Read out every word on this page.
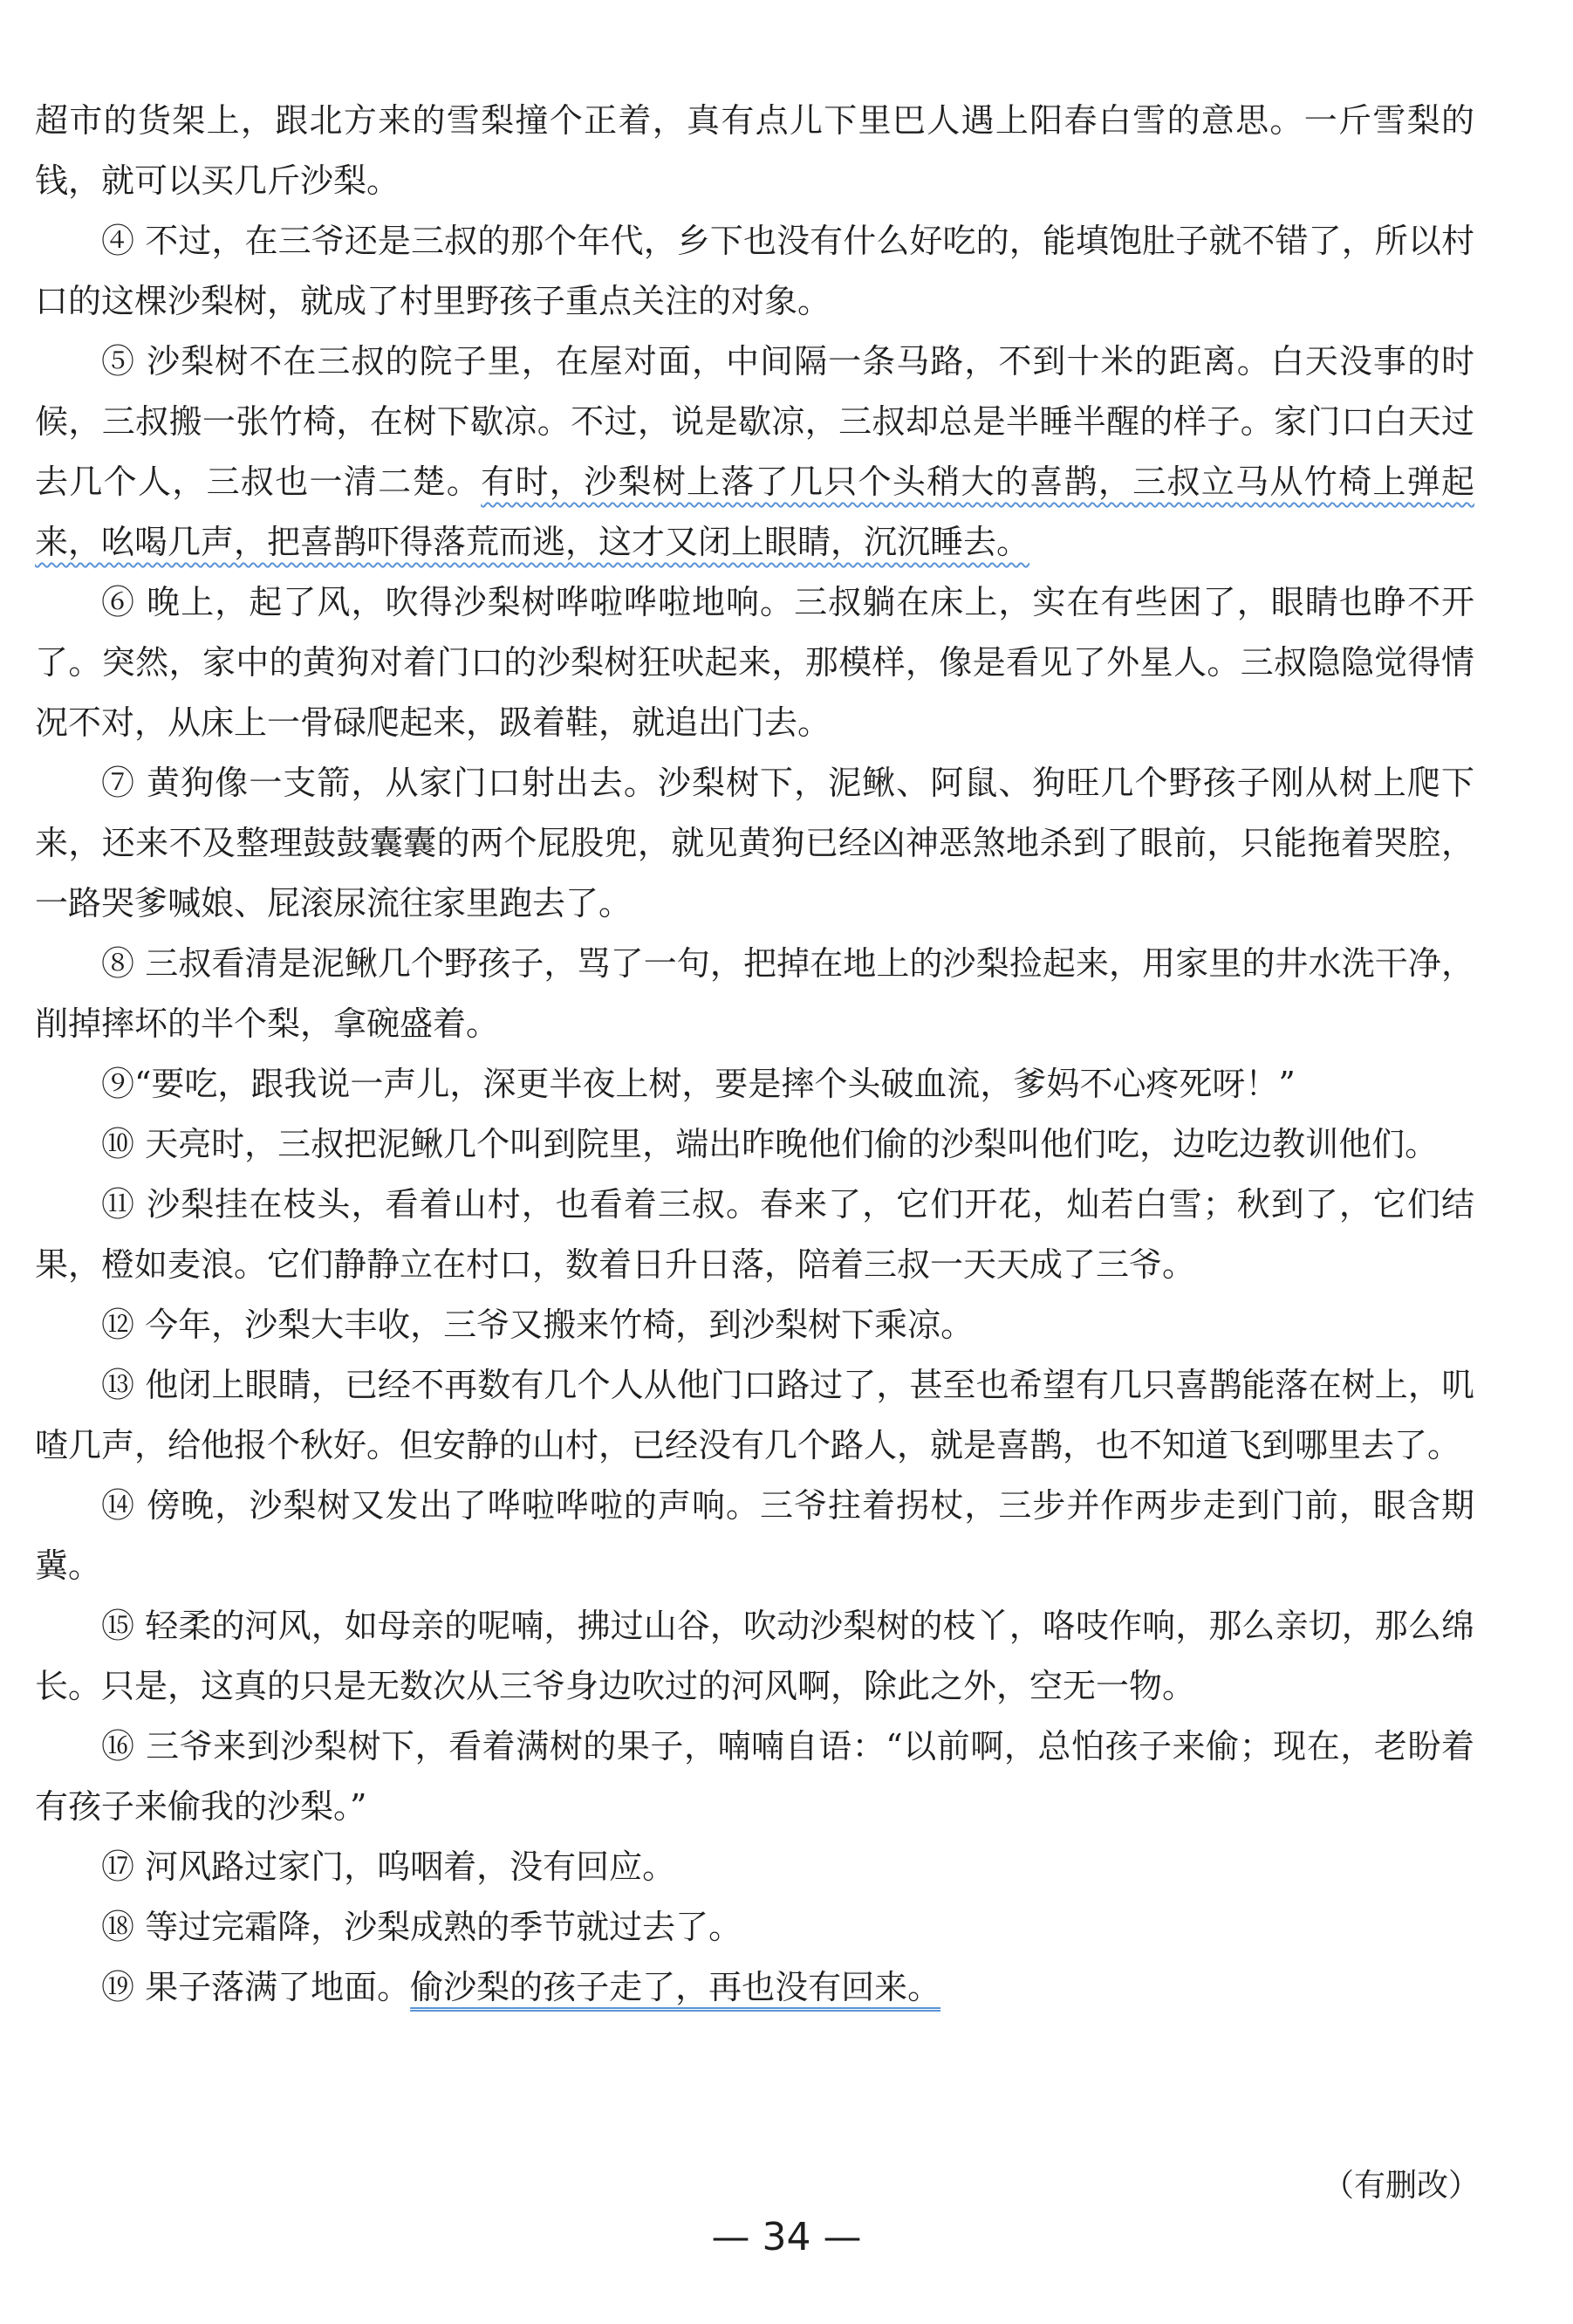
超市的货架上，跟北方来的雪梨撞个正着，真有点儿下里巴人遇上阳春白雪的意思。一斤雪梨的钱，就可以买几斤沙梨。

④ 不过，在三爷还是三叔的那个年代，乡下也没有什么好吃的，能填饱肚子就不错了，所以村口的这棵沙梨树，就成了村里野孩子重点关注的对象。

⑤ 沙梨树不在三叔的院子里，在屋对面，中间隔一条马路，不到十米的距离。白天没事的时候，三叔搬一张竹椅，在树下歇凉。不过，说是歇凉，三叔却总是半睡半醒的样子。家门口白天过去几个人，三叔也一清二楚。有时，沙梨树上落了几只个头稍大的喜鹊，三叔立马从竹椅上弹起来，吆喝几声，把喜鹊吓得落荒而逃，这才又闭上眼睛，沉沉睡去。

⑥ 晚上，起了风，吹得沙梨树哗啦哗啦地响。三叔躺在床上，实在有些困了，眼睛也睁不开了。突然，家中的黄狗对着门口的沙梨树狂吠起来，那模样，像是看见了外星人。三叔隐隐觉得情况不对，从床上一骨碌爬起来，趿着鞋，就追出门去。

⑦ 黄狗像一支箭，从家门口射出去。沙梨树下，泥鳅、阿鼠、狗旺几个野孩子刚从树上爬下来，还来不及整理鼓鼓囊囊的两个屁股兜，就见黄狗已经凶神恶煞地杀到了眼前，只能拖着哭腔，一路哭爹喊娘、屁滚尿流往家里跑去了。

⑧ 三叔看清是泥鳅几个野孩子，骂了一句，把掉在地上的沙梨捡起来，用家里的井水洗干净，削掉摔坏的半个梨，拿碗盛着。

⑨“要吃，跟我说一声儿，深更半夜上树，要是摔个头破血流，爹妈不心疼死呀！”

⑩ 天亮时，三叔把泥鳅几个叫到院里，端出昨晚他们偷的沙梨叫他们吃，边吃边教训他们。

⑪ 沙梨挂在枝头，看着山村，也看着三叔。春来了，它们开花，灿若白雪；秋到了，它们结果，橙如麦浪。它们静静立在村口，数着日升日落，陪着三叔一天天成了三爷。

⑫ 今年，沙梨大丰收，三爷又搬来竹椅，到沙梨树下乘凉。

⑬ 他闭上眼睛，已经不再数有几个人从他门口路过了，甚至也希望有几只喜鹊能落在树上，叽喳几声，给他报个秋好。但安静的山村，已经没有几个路人，就是喜鹊，也不知道飞到哪里去了。

⑭ 傍晚，沙梨树又发出了哗啦哗啦的声响。三爷拄着拐杖，三步并作两步走到门前，眼含期冀。

⑮ 轻柔的河风，如母亲的呢喃，拂过山谷，吹动沙梨树的枝丫，咯吱作响，那么亲切，那么绵长。只是，这真的只是无数次从三爷身边吹过的河风啊，除此之外，空无一物。

⑯ 三爷来到沙梨树下，看着满树的果子，喃喃自语：“以前啊，总怕孩子来偷；现在，老盼着有孩子来偷我的沙梨。”

⑰ 河风路过家门，呜咽着，没有回应。

⑱ 等过完霜降，沙梨成熟的季节就过去了。

⑲ 果子落满了地面。偷沙梨的孩子走了，再也没有回来。

（有删改）
— 34 —
